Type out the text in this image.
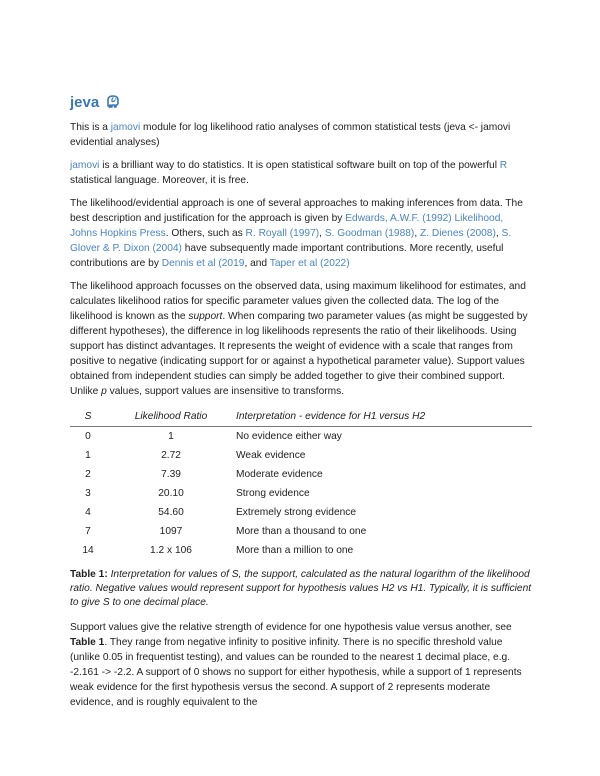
jeva

This is a jamovi module for log likelihood ratio analyses of common statistical tests (jeva <- jamovi evidential analyses)

jamovi is a brilliant way to do statistics. It is open statistical software built on top of the powerful R statistical language. Moreover, it is free.

The likelihood/evidential approach is one of several approaches to making inferences from data. The best description and justification for the approach is given by Edwards, A.W.F. (1992) Likelihood, Johns Hopkins Press. Others, such as R. Royall (1997), S. Goodman (1988), Z. Dienes (2008), S. Glover & P. Dixon (2004) have subsequently made important contributions. More recently, useful contributions are by Dennis et al (2019, and Taper et al (2022)

The likelihood approach focusses on the observed data, using maximum likelihood for estimates, and calculates likelihood ratios for specific parameter values given the collected data. The log of the likelihood is known as the support. When comparing two parameter values (as might be suggested by different hypotheses), the difference in log likelihoods represents the ratio of their likelihoods. Using support has distinct advantages. It represents the weight of evidence with a scale that ranges from positive to negative (indicating support for or against a hypothetical parameter value). Support values obtained from independent studies can simply be added together to give their combined support. Unlike p values, support values are insensitive to transforms.

S	Likelihood Ratio	Interpretation - evidence for H1 versus H2
0	1	No evidence either way
1	2.72	Weak evidence
2	7.39	Moderate evidence
3	20.10	Strong evidence
4	54.60	Extremely strong evidence
7	1097	More than a thousand to one
14	1.2 x 106	More than a million to one

Table 1: Interpretation for values of S, the support, calculated as the natural logarithm of the likelihood ratio. Negative values would represent support for hypothesis values H2 vs H1. Typically, it is sufficient to give S to one decimal place.

Support values give the relative strength of evidence for one hypothesis value versus another, see Table 1. They range from negative infinity to positive infinity. There is no specific threshold value (unlike 0.05 in frequentist testing), and values can be rounded to the nearest 1 decimal place, e.g. -2.161 -> -2.2. A support of 0 shows no support for either hypothesis, while a support of 1 represents weak evidence for the first hypothesis versus the second. A support of 2 represents moderate evidence, and is roughly equivalent to the
